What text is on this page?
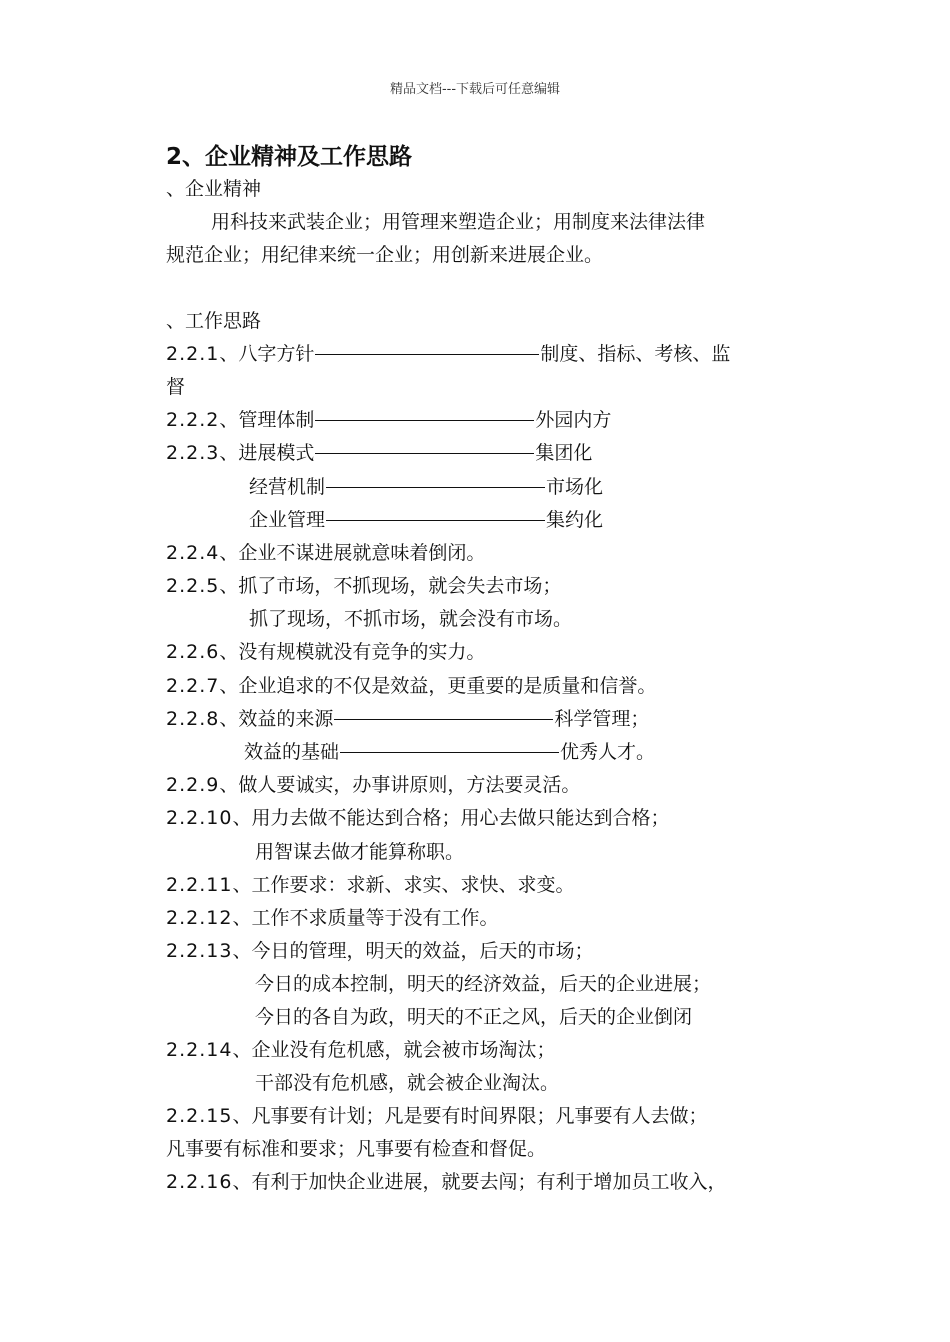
精品文档---下载后可任意编辑
2、企业精神及工作思路
、企业精神
用科技来武装企业；用管理来塑造企业；用制度来法律法律
规范企业；用纪律来统一企业；用创新来进展企业。
、工作思路
2.2.1、八字方针	制度、指标、考核、监
督
2.2.2、管理体制	外园内方
2.2.3、进展模式	集团化
经营机制	市场化
企业管理	集约化
2.2.4、企业不谋进展就意味着倒闭。
2.2.5、抓了市场，不抓现场，就会失去市场；
抓了现场，不抓市场，就会没有市场。
2.2.6、没有规模就没有竞争的实力。
2.2.7、企业追求的不仅是效益，更重要的是质量和信誉。
2.2.8、效益的来源	科学管理；
效益的基础	优秀人才。
2.2.9、做人要诚实，办事讲原则，方法要灵活。
2.2.10、用力去做不能达到合格；用心去做只能达到合格；
用智谋去做才能算称职。
2.2.11、工作要求：求新、求实、求快、求变。
2.2.12、工作不求质量等于没有工作。
2.2.13、今日的管理，明天的效益，后天的市场；
今日的成本控制，明天的经济效益，后天的企业进展；
今日的各自为政，明天的不正之风，后天的企业倒闭
2.2.14、企业没有危机感，就会被市场淘汰；
干部没有危机感，就会被企业淘汰。
2.2.15、凡事要有计划；凡是要有时间界限；凡事要有人去做；
凡事要有标准和要求；凡事要有检查和督促。
2.2.16、有利于加快企业进展，就要去闯；有利于增加员工收入，
